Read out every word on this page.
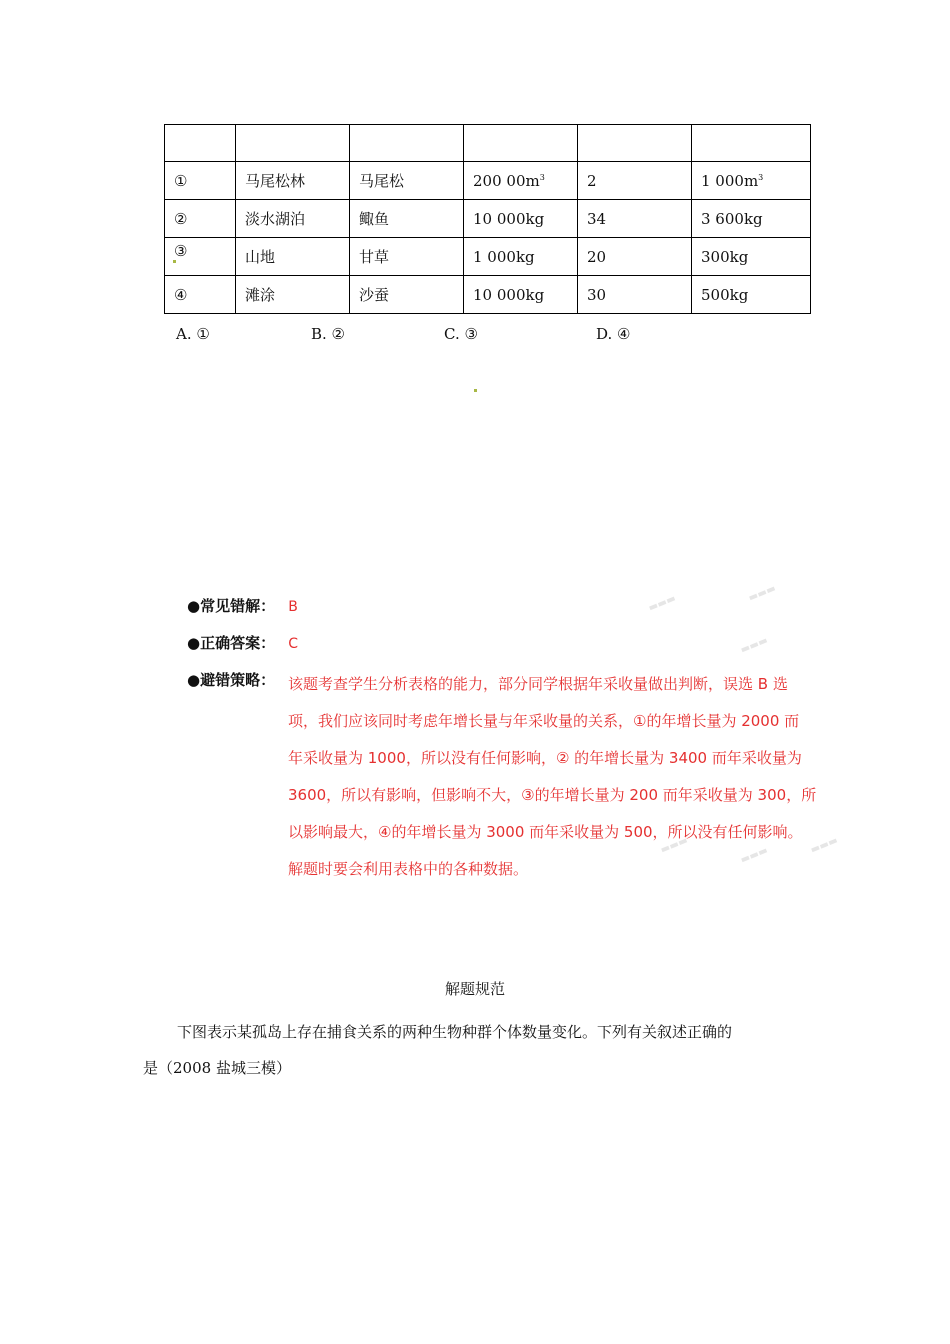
①	马尾松林	马尾松	200 $00m^3$	2	1 $000m^3$
②	淡水湖泊	鲰鱼	10 000kg	34	3 600kg
③	山地	甘草	1 000kg	20	300kg
④	滩涂	沙蚕	10 000kg	30	500kg
A. ①	B. ②	C. ③	D. ④
▬▬▬	▬▬▬
▬▬▬
▬▬▬	▬▬▬	▬▬▬
●常见错解： B
●正确答案： C
●避错策略： 该题考查学生分析表格的能力，部分同学根据年采收量做出判断，误选 B 选
项，我们应该同时考虑年增长量与年采收量的关系，①的年增长量为 2000 而
年采收量为 1000，所以没有任何影响，② 的年增长量为 3400 而年采收量为
3600，所以有影响，但影响不大，③的年增长量为 200 而年采收量为 300，所
以影响最大，④的年增长量为 3000 而年采收量为 500，所以没有任何影响。
解题时要会利用表格中的各种数据。
解题规范
下图表示某孤岛上存在捕食关系的两种生物种群个体数量变化。下列有关叙述正确的
是（2008 盐城三模）
